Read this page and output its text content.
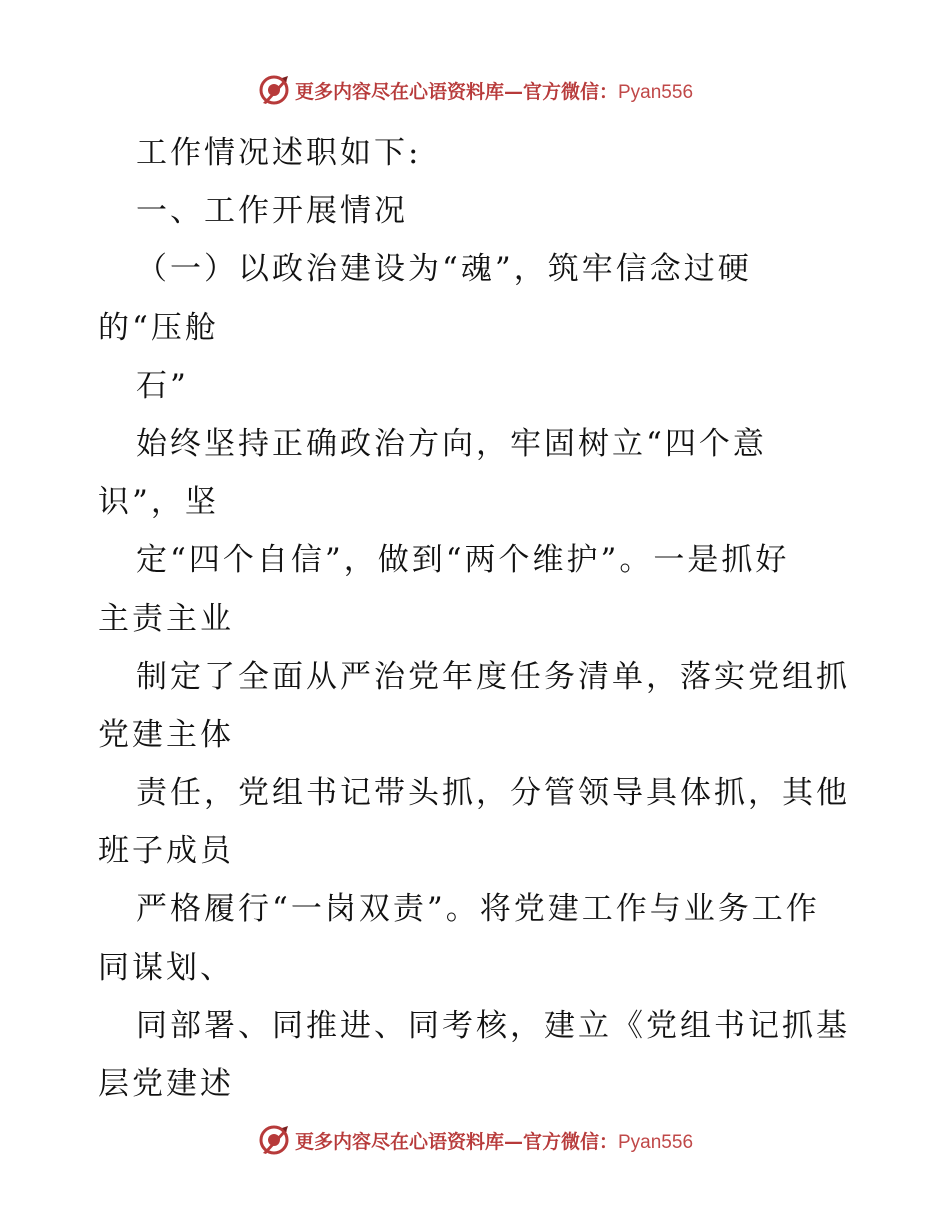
更多内容尽在心语资料库—官方微信：Pyan556
工作情况述职如下:
一、工作开展情况
（一）以政治建设为“魂”，筑牢信念过硬
的“压舱
石”
始终坚持正确政治方向，牢固树立“四个意
识”，坚
定“四个自信”，做到“两个维护”。一是抓好
主责主业
制定了全面从严治党年度任务清单，落实党组抓
党建主体
责任，党组书记带头抓，分管领导具体抓，其他
班子成员
严格履行“一岗双责”。将党建工作与业务工作
同谋划、
同部署、同推进、同考核，建立《党组书记抓基
层党建述
更多内容尽在心语资料库—官方微信：Pyan556
